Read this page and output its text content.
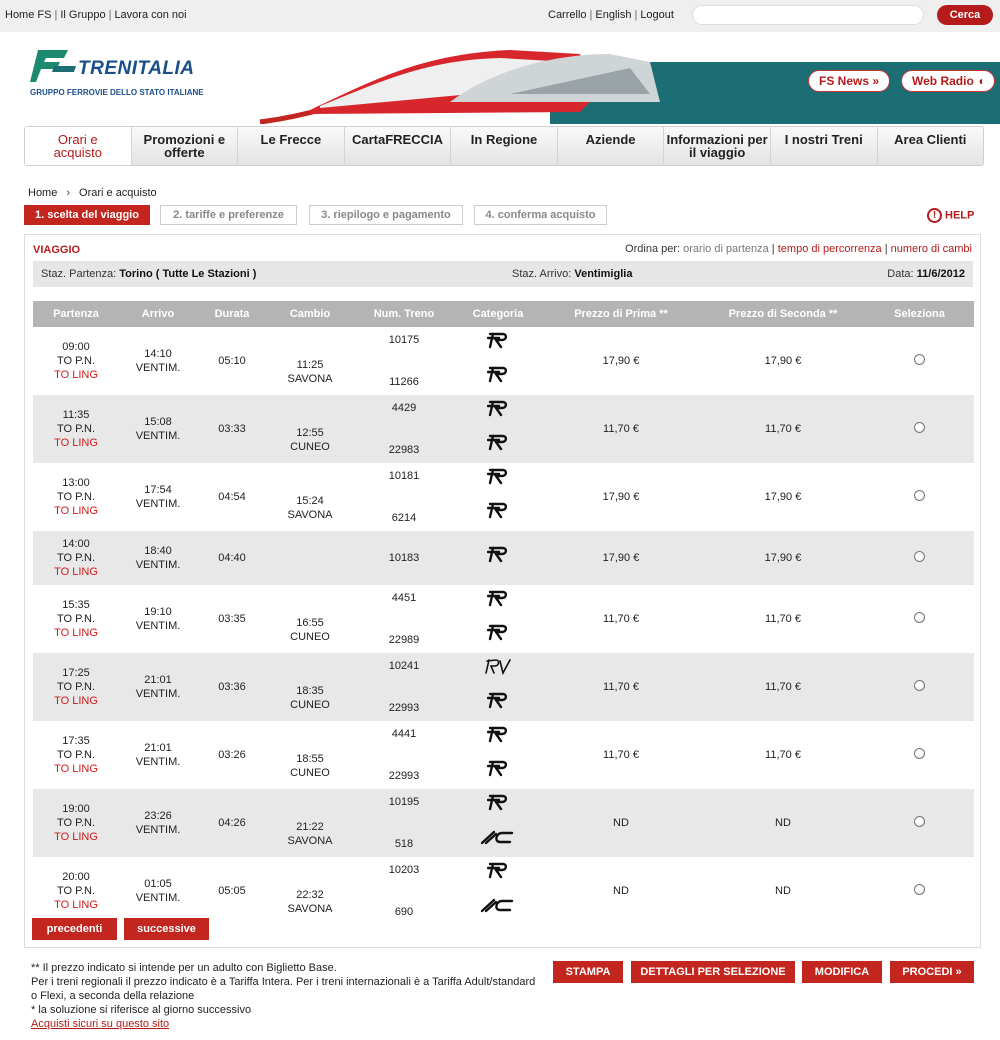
Home FS | Il Gruppo | Lavora con noi	Carrello | English | Logout	Cerca
TRENITALIA
GRUPPO FERROVIE DELLO STATO ITALIANE
FS News »	Web Radio ◖
Orari e
acquisto
Promozioni e
offerte
Le Frecce	CartaFRECCIA	In Regione	Aziende	Informazioni per
il viaggio
I nostri Treni	Area Clienti
Home › Orari e acquisto
1. scelta del viaggio	2. tariffe e preferenze	3. riepilogo e pagamento	4. conferma acquisto	! HELP
VIAGGIO	Ordina per: orario di partenza | tempo di percorrenza | numero di cambi
Staz. Partenza: Torino ( Tutte Le Stazioni )	Staz. Arrivo: Ventimiglia	Data: 11/6/2012
Partenza	Arrivo	Durata	Cambio	Num. Treno	Categoria	Prezzo di Prima **	Prezzo di Seconda **	Seleziona

09:00
TO P.N.
TO LING	14:10
VENTIM.	05:10	11:25
SAVONA	10175
11266		17,90 €	17,90 €	

11:35
TO P.N.
TO LING	15:08
VENTIM.	03:33	12:55
CUNEO	4429
22983		11,70 €	11,70 €	

13:00
TO P.N.
TO LING	17:54
VENTIM.	04:54	15:24
SAVONA	10181
6214		17,90 €	17,90 €	

14:00
TO P.N.
TO LING	18:40
VENTIM.	04:40		10183		17,90 €	17,90 €	

15:35
TO P.N.
TO LING	19:10
VENTIM.	03:35	16:55
CUNEO	4451
22989		11,70 €	11,70 €	

17:25
TO P.N.
TO LING	21:01
VENTIM.	03:36	18:35
CUNEO	10241
22993		11,70 €	11,70 €	

17:35
TO P.N.
TO LING	21:01
VENTIM.	03:26	18:55
CUNEO	4441
22993		11,70 €	11,70 €	

19:00
TO P.N.
TO LING	23:26
VENTIM.	04:26	21:22
SAVONA	10195
518		ND	ND	

20:00
TO P.N.
TO LING	01:05
VENTIM.	05:05	22:32
SAVONA	10203
690		ND	ND	
precedenti	successive
STAMPA	DETTAGLI PER SELEZIONE	MODIFICA	PROCEDI »
** Il prezzo indicato si intende per un adulto con Biglietto Base.
Per i treni regionali il prezzo indicato è a Tariffa Intera. Per i treni internazionali è a Tariffa Adult/standard o Flexi, a seconda della relazione
* la soluzione si riferisce al giorno successivo
Acquisti sicuri su questo sito
